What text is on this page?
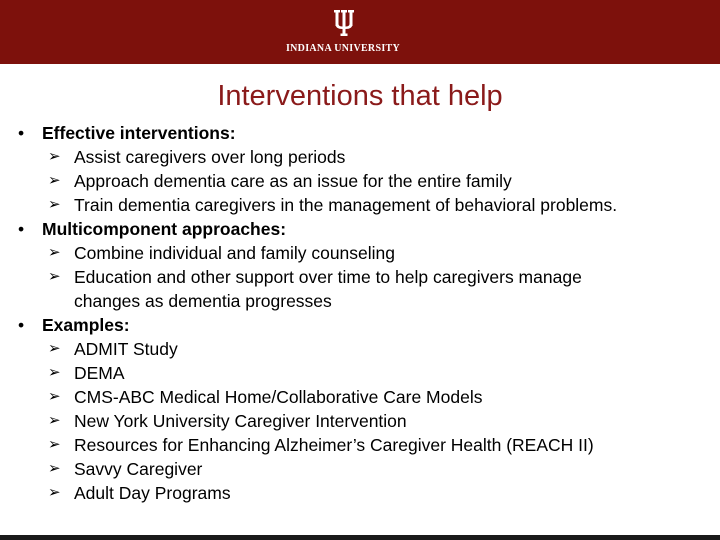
INDIANA UNIVERSITY
Interventions that help
• Effective interventions:
➢ Assist caregivers over long periods
➢ Approach dementia care as an issue for the entire family
➢ Train dementia caregivers in the management of behavioral problems.
• Multicomponent approaches:
➢ Combine individual and family counseling
➢ Education and other support over time to help caregivers manage
changes as dementia progresses
• Examples:
➢ ADMIT Study
➢ DEMA
➢ CMS-ABC Medical Home/Collaborative Care Models
➢ New York University Caregiver Intervention
➢ Resources for Enhancing Alzheimer’s Caregiver Health (REACH II)
➢ Savvy Caregiver
➢ Adult Day Programs
